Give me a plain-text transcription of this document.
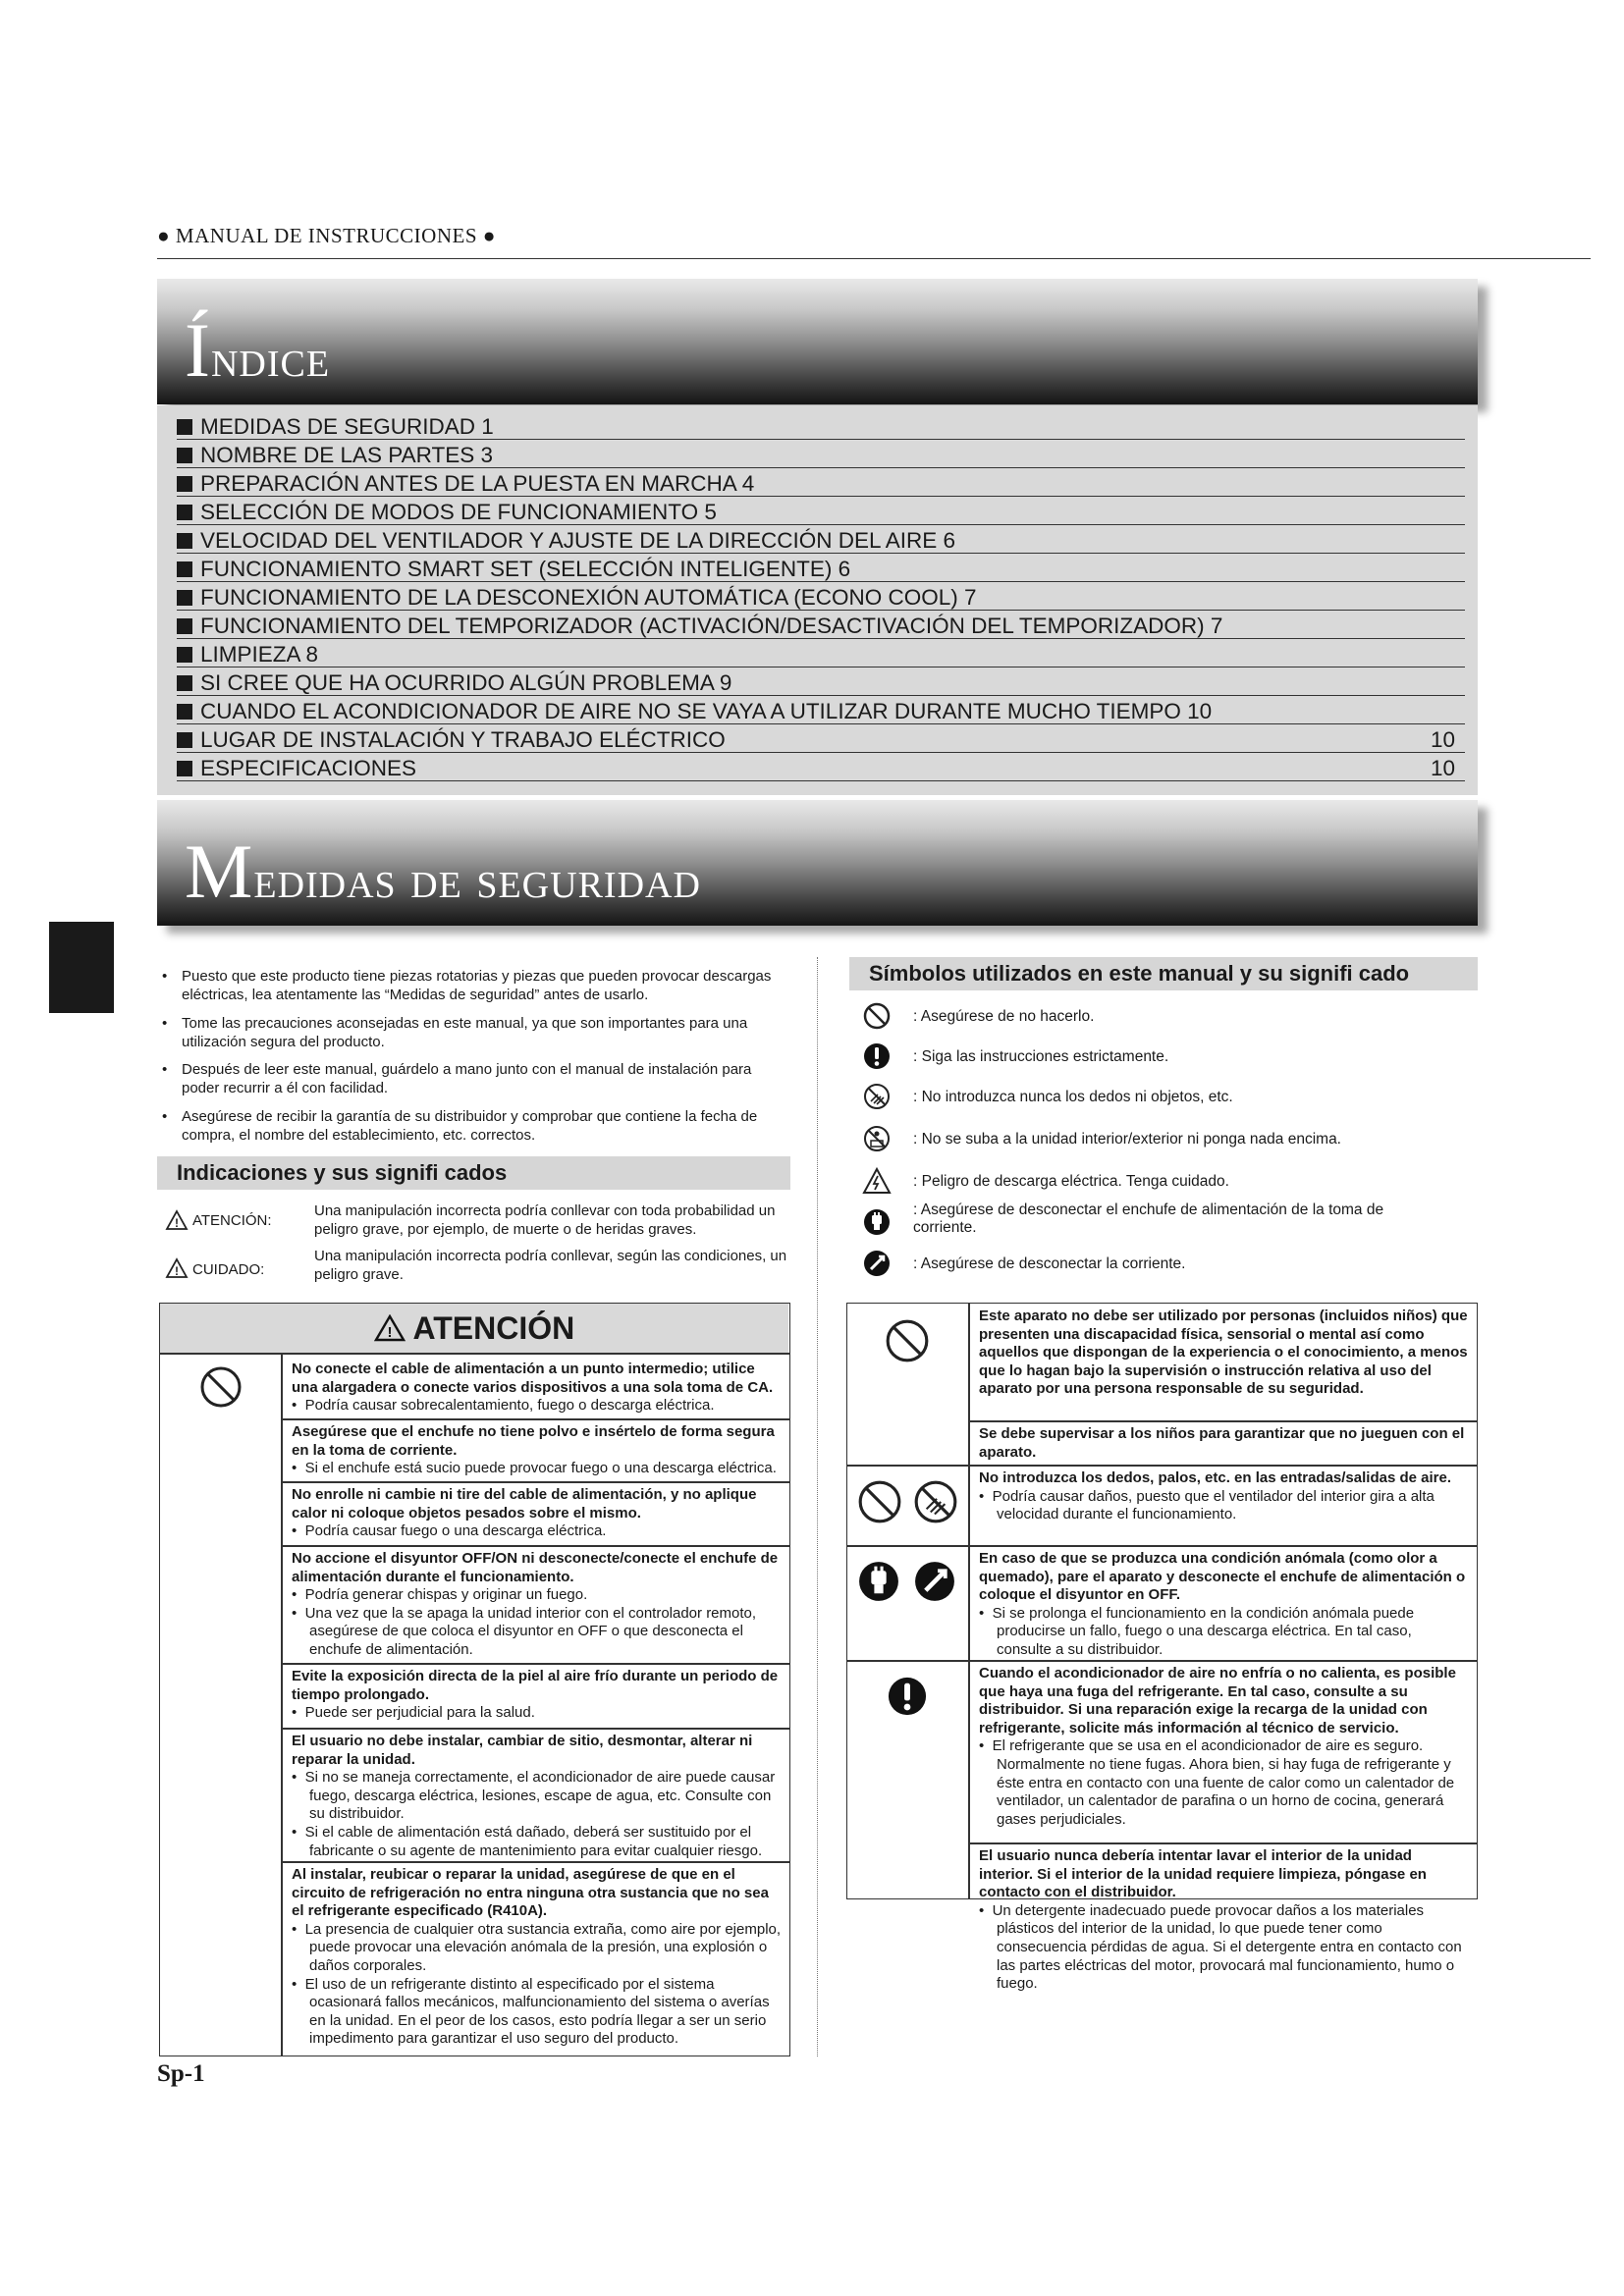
● MANUAL DE INSTRUCCIONES ●
Índice
MEDIDAS DE SEGURIDAD 1
NOMBRE DE LAS PARTES 3
PREPARACIÓN ANTES DE LA PUESTA EN MARCHA 4
SELECCIÓN DE MODOS DE FUNCIONAMIENTO 5
VELOCIDAD DEL VENTILADOR Y AJUSTE DE LA DIRECCIÓN DEL AIRE 6
FUNCIONAMIENTO SMART SET (SELECCIÓN INTELIGENTE) 6
FUNCIONAMIENTO DE LA DESCONEXIÓN AUTOMÁTICA (ECONO COOL) 7
FUNCIONAMIENTO DEL TEMPORIZADOR (ACTIVACIÓN/DESACTIVACIÓN DEL TEMPORIZADOR) 7
LIMPIEZA 8
SI CREE QUE HA OCURRIDO ALGÚN PROBLEMA 9
CUANDO EL ACONDICIONADOR DE AIRE NO SE VAYA A UTILIZAR DURANTE MUCHO TIEMPO 10
LUGAR DE INSTALACIÓN Y TRABAJO ELÉCTRICO	10
ESPECIFICACIONES	10
Medidas de seguridad
• Puesto que este producto tiene piezas rotatorias y piezas que pueden provocar descargas eléctricas, lea atentamente las “Medidas de seguridad” antes de usarlo.
• Tome las precauciones aconsejadas en este manual, ya que son importantes para una utilización segura del producto.
• Después de leer este manual, guárdelo a mano junto con el manual de instalación para poder recurrir a él con facilidad.
• Asegúrese de recibir la garantía de su distribuidor y comprobar que contiene la fecha de compra, el nombre del establecimiento, etc. correctos.
Indicaciones y sus signifi cados
! ATENCIÓN:
Una manipulación incorrecta podría conllevar con toda probabilidad un peligro grave, por ejemplo, de muerte o de heridas graves.
! CUIDADO:
Una manipulación incorrecta podría conllevar, según las condiciones, un peligro grave.
Símbolos utilizados en este manual y su signifi cado
: Asegúrese de no hacerlo.
: Siga las instrucciones estrictamente.
: No introduzca nunca los dedos ni objetos, etc.
: No se suba a la unidad interior/exterior ni ponga nada encima.
: Peligro de descarga eléctrica. Tenga cuidado.
: Asegúrese de desconectar el enchufe de alimentación de la toma de corriente.
: Asegúrese de desconectar la corriente.
! ATENCIÓN
No conecte el cable de alimentación a un punto intermedio; utilice una alargadera o conecte varios dispositivos a una sola toma de CA.
•  Podría causar sobrecalentamiento, fuego o descarga eléctrica.
Asegúrese que el enchufe no tiene polvo e insértelo de forma segura en la toma de corriente.
•  Si el enchufe está sucio puede provocar fuego o una descarga eléctrica.
No enrolle ni cambie ni tire del cable de alimentación, y no aplique calor ni coloque objetos pesados sobre el mismo.
•  Podría causar fuego o una descarga eléctrica.
No accione el disyuntor OFF/ON ni desconecte/conecte el enchufe de alimentación durante el funcionamiento.
•  Podría generar chispas y originar un fuego.
•  Una vez que la se apaga la unidad interior con el controlador remoto, asegúrese de que coloca el disyuntor en OFF o que desconecta el enchufe de alimentación.
Evite la exposición directa de la piel al aire frío durante un periodo de tiempo prolongado.
•  Puede ser perjudicial para la salud.
El usuario no debe instalar, cambiar de sitio, desmontar, alterar ni reparar la unidad.
•  Si no se maneja correctamente, el acondicionador de aire puede causar fuego, descarga eléctrica, lesiones, escape de agua, etc. Consulte con su distribuidor.
•  Si el cable de alimentación está dañado, deberá ser sustituido por el fabricante o su agente de mantenimiento para evitar cualquier riesgo.
Al instalar, reubicar o reparar la unidad, asegúrese de que en el circuito de refrigeración no entra ninguna otra sustancia que no sea el refrigerante especificado (R410A).
•  La presencia de cualquier otra sustancia extraña, como aire por ejemplo, puede provocar una elevación anómala de la presión, una explosión o daños corporales.
•  El uso de un refrigerante distinto al especificado por el sistema ocasionará fallos mecánicos, malfuncionamiento del sistema o averías en la unidad. En el peor de los casos, esto podría llegar a ser un serio impedimento para garantizar el uso seguro del producto.
Este aparato no debe ser utilizado por personas (incluidos niños) que presenten una discapacidad física, sensorial o mental así como aquellos que dispongan de la experiencia o el conocimiento, a menos que lo hagan bajo la supervisión o instrucción relativa al uso del aparato por una persona responsable de su seguridad.
Se debe supervisar a los niños para garantizar que no jueguen con el aparato.
No introduzca los dedos, palos, etc. en las entradas/salidas de aire.
•  Podría causar daños, puesto que el ventilador del interior gira a alta velocidad durante el funcionamiento.
En caso de que se produzca una condición anómala (como olor a quemado), pare el aparato y desconecte el enchufe de alimentación o coloque el disyuntor en OFF.
•  Si se prolonga el funcionamiento en la condición anómala puede producirse un fallo, fuego o una descarga eléctrica. En tal caso, consulte a su distribuidor.
Cuando el acondicionador de aire no enfría o no calienta, es posible que haya una fuga del refrigerante. En tal caso, consulte a su distribuidor. Si una reparación exige la recarga de la unidad con refrigerante, solicite más información al técnico de servicio.
•  El refrigerante que se usa en el acondicionador de aire es seguro. Normalmente no tiene fugas. Ahora bien, si hay fuga de refrigerante y éste entra en contacto con una fuente de calor como un calentador de ventilador, un calentador de parafina o un horno de cocina, generará gases perjudiciales.
El usuario nunca debería intentar lavar el interior de la unidad interior. Si el interior de la unidad requiere limpieza, póngase en contacto con el distribuidor.
•  Un detergente inadecuado puede provocar daños a los materiales plásticos del interior de la unidad, lo que puede tener como consecuencia pérdidas de agua. Si el detergente entra en contacto con las partes eléctricas del motor, provocará mal funcionamiento, humo o fuego.
Sp-1
